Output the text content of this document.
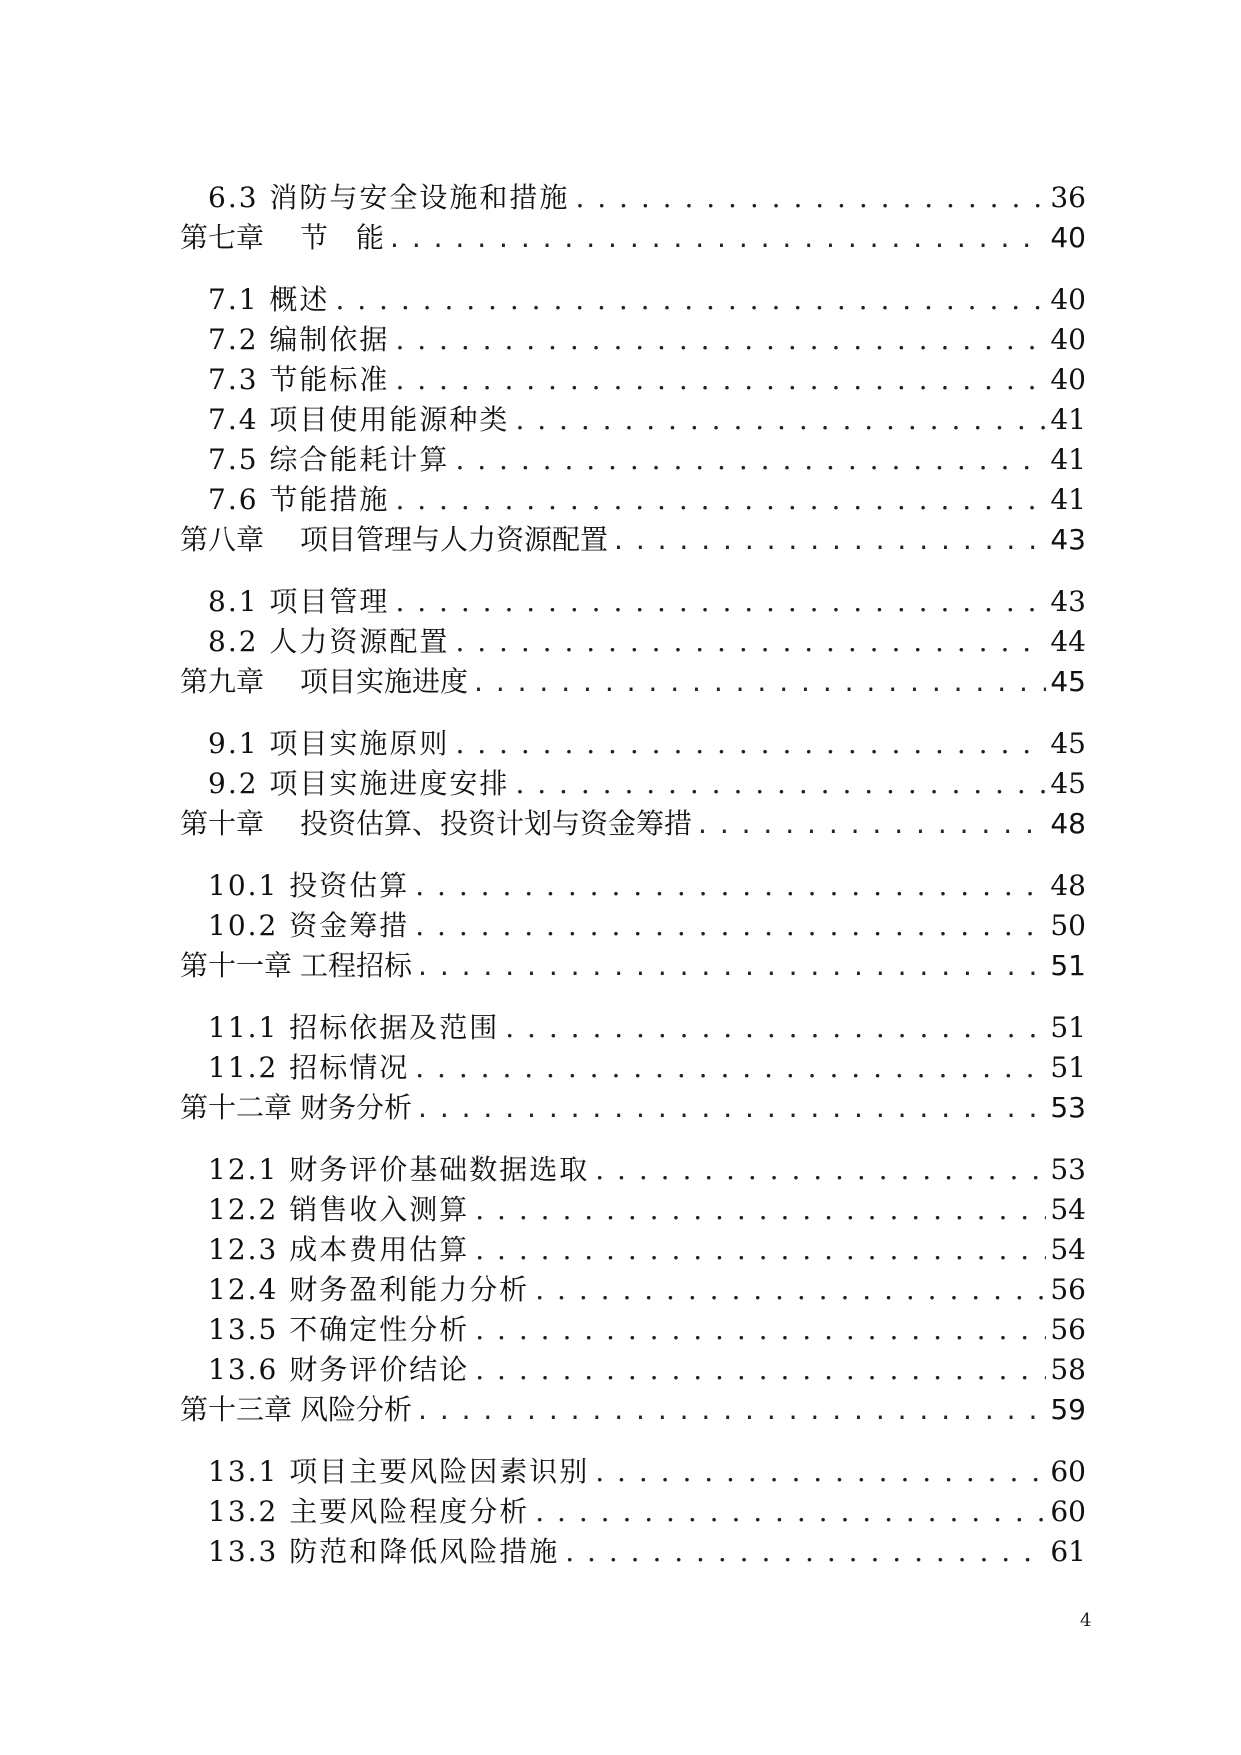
6.3 消防与安全设施和措施 . . .	36
第七章 节　能 . . .	40
7.1 概述 . . .	40
7.2 编制依据 . . .	40
7.3 节能标准 . . .	40
7.4 项目使用能源种类 . . .	41
7.5 综合能耗计算 . . .	41
7.6 节能措施 . . .	41
第八章 项目管理与人力资源配置 . . .	43
8.1 项目管理 . . .	43
8.2 人力资源配置 . . .	44
第九章 项目实施进度 . . .	45
9.1 项目实施原则 . . .	45
9.2 项目实施进度安排 . . .	45
第十章 投资估算、投资计划与资金筹措 . . .	48
10.1 投资估算 . . .	48
10.2 资金筹措 . . .	50
第十一章 工程招标 . . .	51
11.1 招标依据及范围 . . .	51
11.2 招标情况 . . .	51
第十二章 财务分析 . . .	53
12.1 财务评价基础数据选取 . . .	53
12.2 销售收入测算 . . .	54
12.3 成本费用估算 . . .	54
12.4 财务盈利能力分析 . . .	56
13.5 不确定性分析 . . .	56
13.6 财务评价结论 . . .	58
第十三章 风险分析 . . .	59
13.1 项目主要风险因素识别 . . .	60
13.2 主要风险程度分析 . . .	60
13.3 防范和降低风险措施 . . .	61
4
